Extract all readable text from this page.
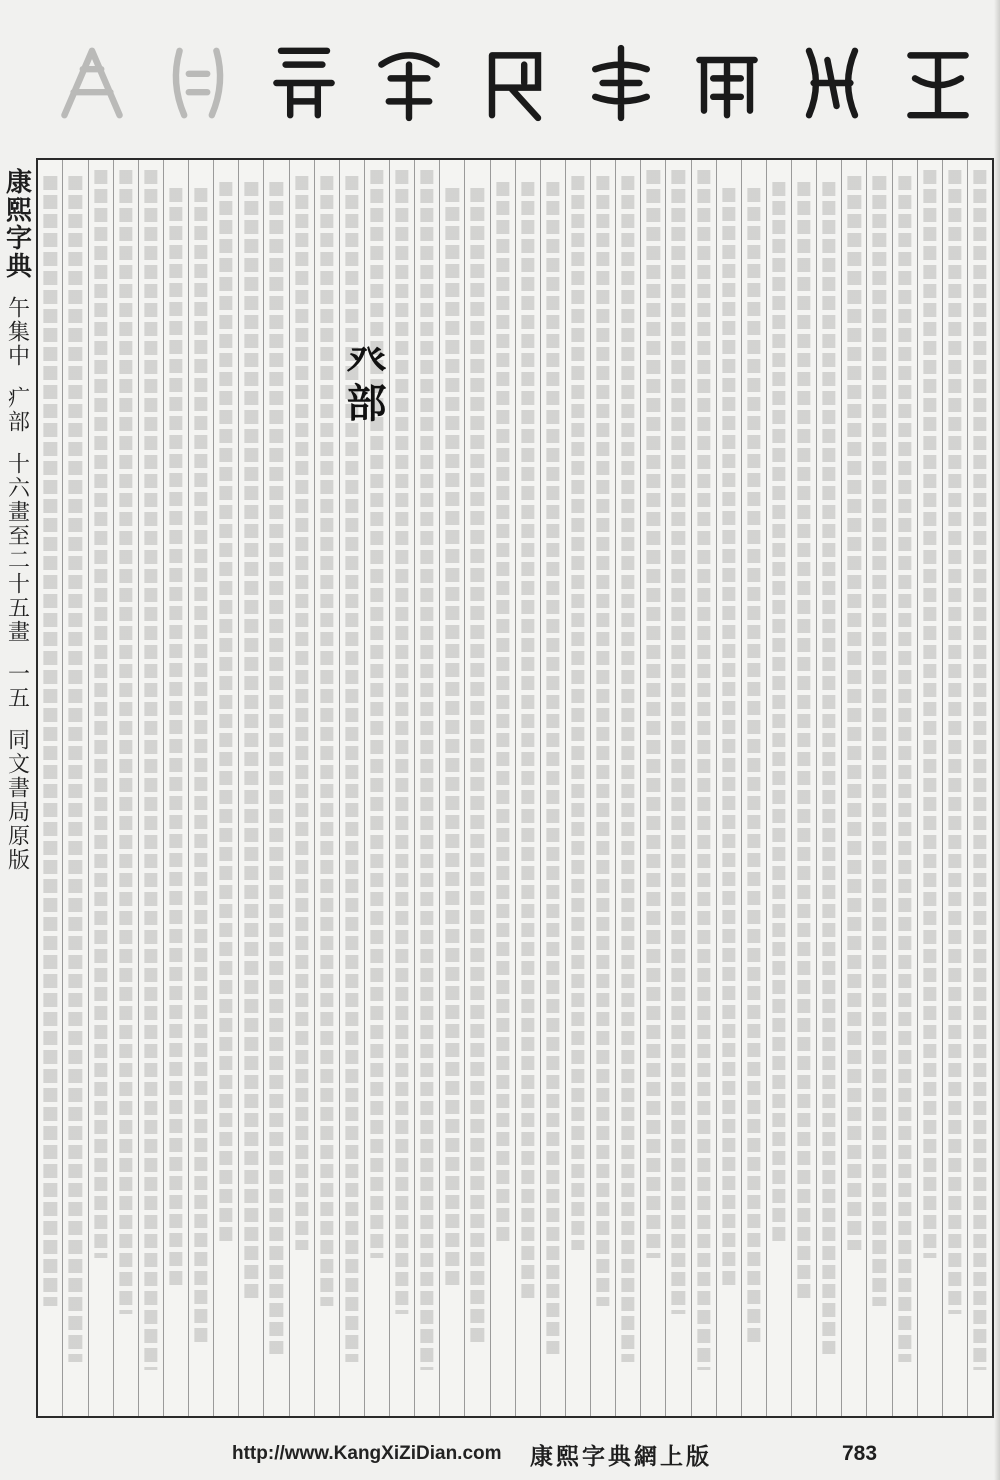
康熙字典
午集中
疒部
十六畫至二十五畫
一五
同文書局原版
癶部
http://www.KangXiZiDian.com 康熙字典網上版	783
